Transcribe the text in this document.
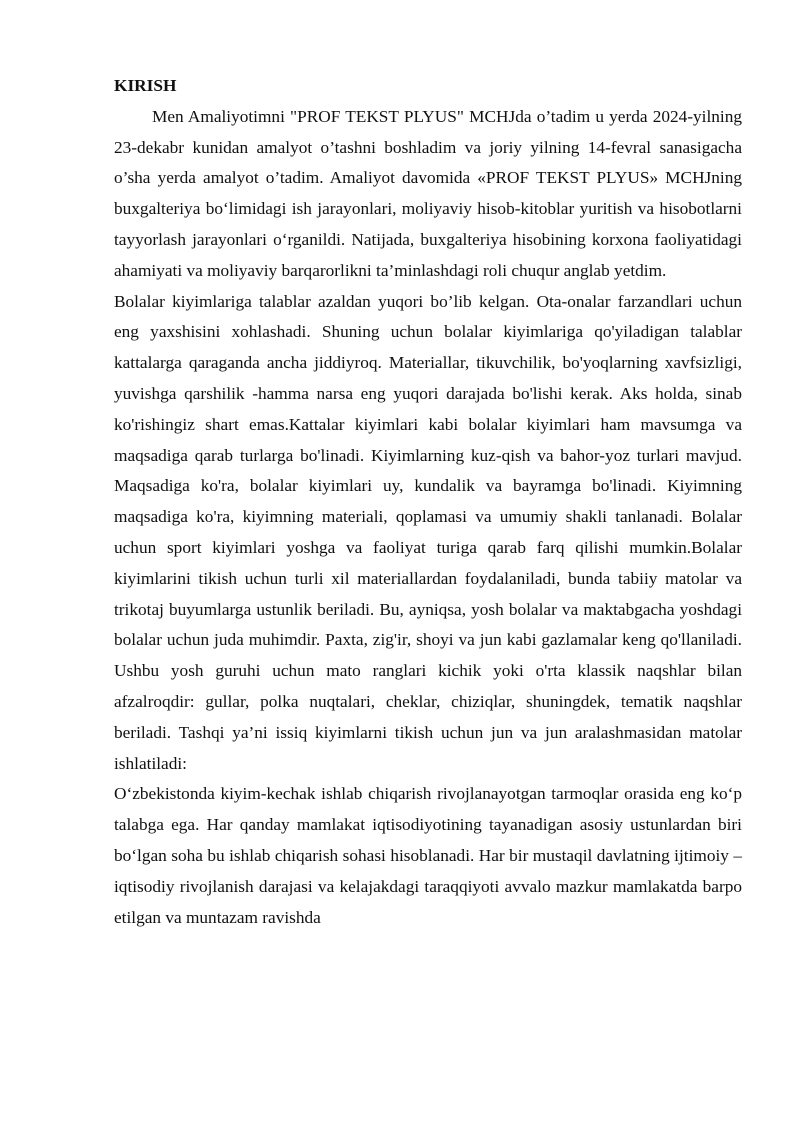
KIRISH

Men Amaliyotimni "PROF TEKST PLYUS" MCHJda o’tadim u yerda 2024-yilning 23-dekabr kunidan amalyot o’tashni boshladim va joriy yilning 14-fevral sanasigacha o’sha yerda amalyot o’tadim. Amaliyot davomida «PROF TEKST PLYUS» MCHJning buxgalteriya bo‘limidagi ish jarayonlari, moliyaviy hisob-kitoblar yuritish va hisobotlarni tayyorlash jarayonlari o‘rganildi. Natijada, buxgalteriya hisobining korxona faoliyatidagi ahamiyati va moliyaviy barqarorlikni ta’minlashdagi roli chuqur anglab yetdim.

Bolalar kiyimlariga talablar azaldan yuqori bo’lib kelgan. Ota-onalar farzandlari uchun eng yaxshisini xohlashadi. Shuning uchun bolalar kiyimlariga qo'yiladigan talablar kattalarga qaraganda ancha jiddiyroq. Materiallar, tikuvchilik, bo'yoqlarning xavfsizligi, yuvishga qarshilik -hamma narsa eng yuqori darajada bo'lishi kerak. Aks holda, sinab ko'rishingiz shart emas.Kattalar kiyimlari kabi bolalar kiyimlari ham mavsumga va maqsadiga qarab turlarga bo'linadi. Kiyimlarning kuz-qish va bahor-yoz turlari mavjud. Maqsadiga ko'ra, bolalar kiyimlari uy, kundalik va bayramga bo'linadi. Kiyimning maqsadiga ko'ra, kiyimning materiali, qoplamasi va umumiy shakli tanlanadi. Bolalar uchun sport kiyimlari yoshga va faoliyat turiga qarab farq qilishi mumkin.Bolalar kiyimlarini tikish uchun turli xil materiallardan foydalaniladi, bunda tabiiy matolar va trikotaj buyumlarga ustunlik beriladi. Bu, ayniqsa, yosh bolalar va maktabgacha yoshdagi bolalar uchun juda muhimdir. Paxta, zig'ir, shoyi va jun kabi gazlamalar keng qo'llaniladi. Ushbu yosh guruhi uchun mato ranglari kichik yoki o'rta klassik naqshlar bilan afzalroqdir: gullar, polka nuqtalari, cheklar, chiziqlar, shuningdek, tematik naqshlar beriladi. Tashqi ya’ni issiq kiyimlarni tikish uchun jun va jun aralashmasidan matolar ishlatiladi:

O‘zbekistonda kiyim-kechak ishlab chiqarish rivojlanayotgan tarmoqlar orasida eng ko‘p talabga ega. Har qanday mamlakat iqtisodiyotining tayanadigan asosiy ustunlardan biri bo‘lgan soha bu ishlab chiqarish sohasi hisoblanadi. Har bir mustaqil davlatning ijtimoiy – iqtisodiy rivojlanish darajasi va kelajakdagi taraqqiyoti avvalo mazkur mamlakatda barpo etilgan va muntazam ravishda
